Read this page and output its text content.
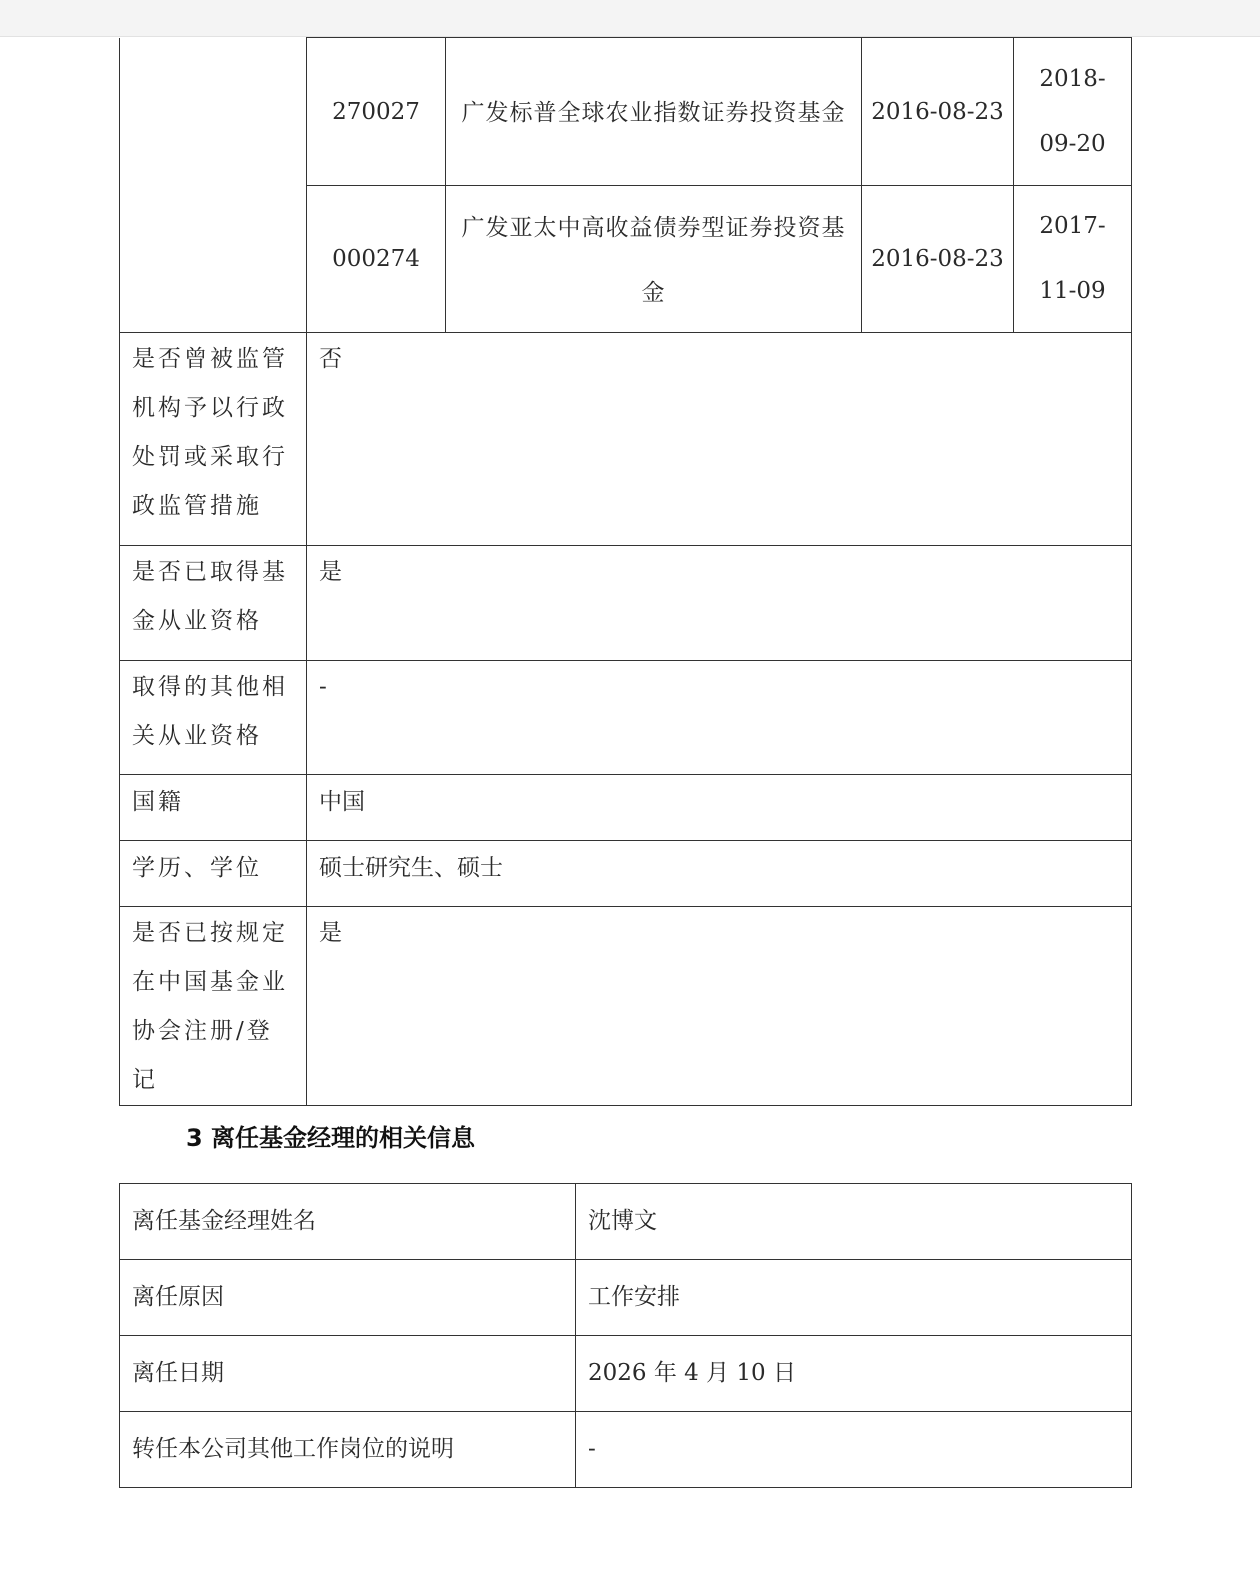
	270027	广发标普全球农业指数证券投资基金	2016-08-23	2018-09-20
	000274	广发亚太中高收益债券型证券投资基金	2016-08-23	2017-11-09
是否曾被监管机构予以行政处罚或采取行政监管措施	否			
是否已取得基金从业资格	是			
取得的其他相关从业资格	-			
国籍	中国			
学历、学位	硕士研究生、硕士			
是否已按规定在中国基金业协会注册/登记	是			
3 离任基金经理的相关信息
离任基金经理姓名	沈博文
离任原因	工作安排
离任日期	2026 年 4 月 10 日
转任本公司其他工作岗位的说明	-
